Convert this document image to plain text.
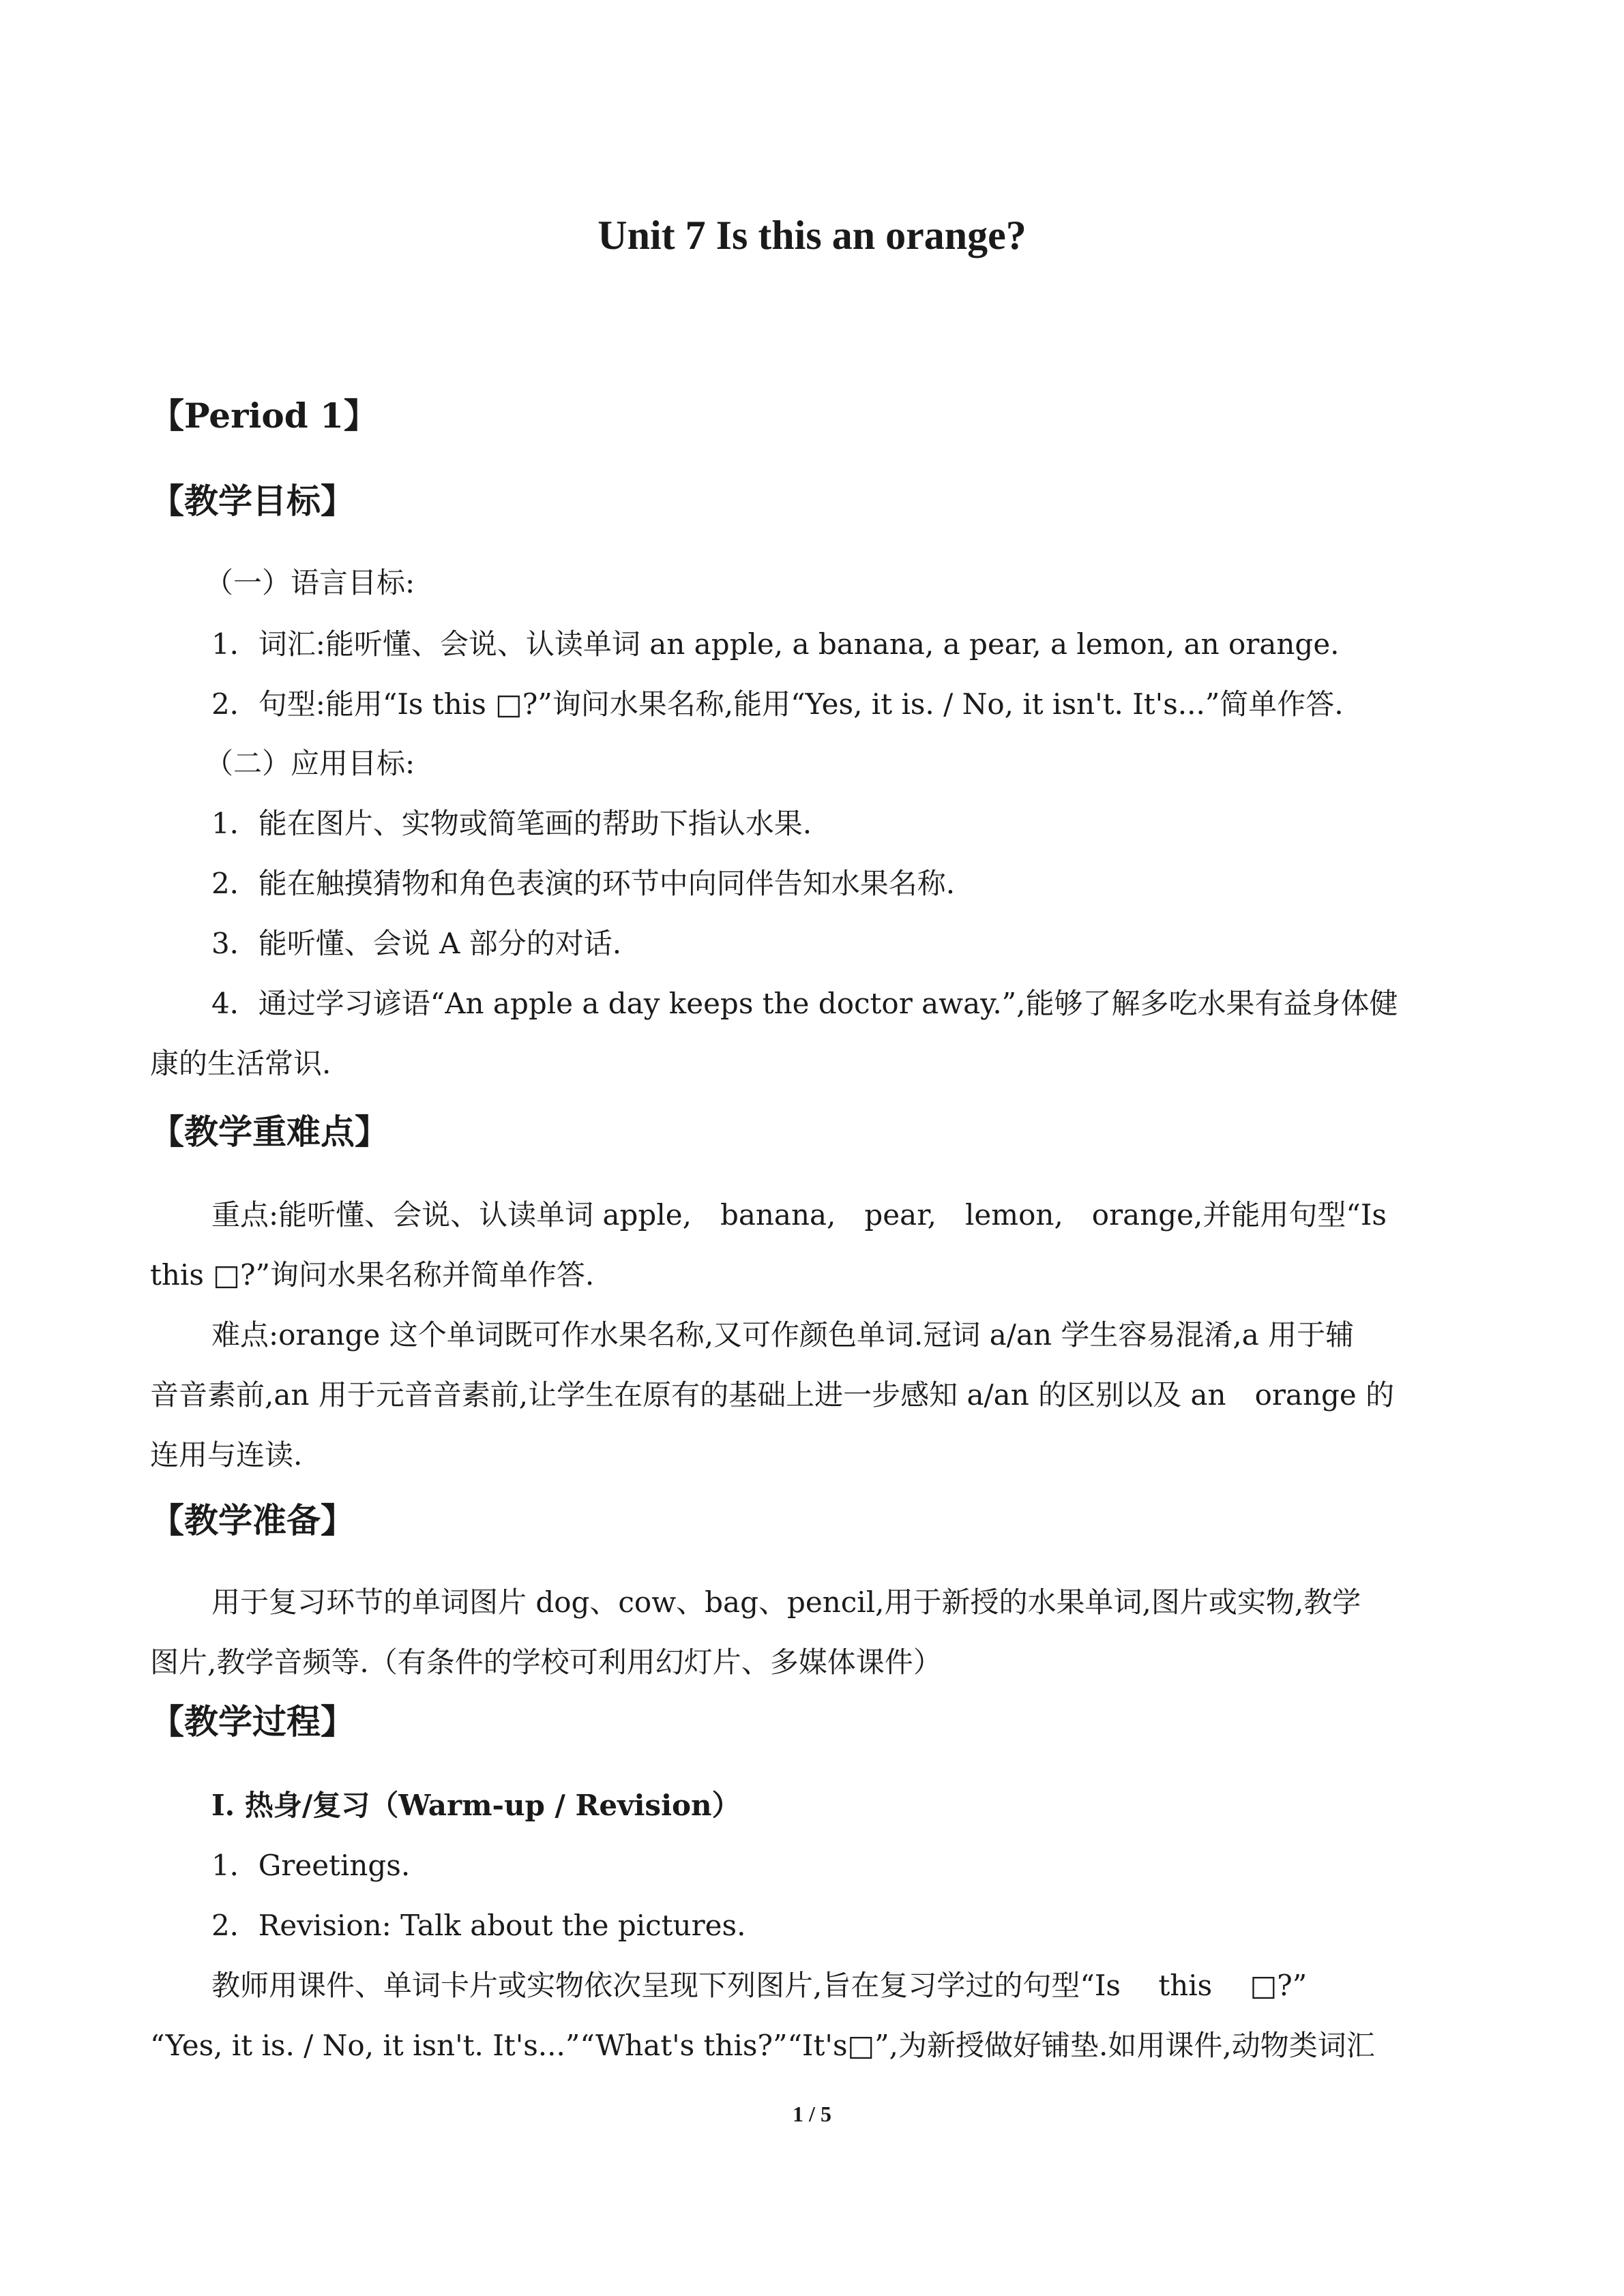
Unit 7 Is this an orange?

【Period 1】

【教学目标】

（一）语言目标:

1．词汇:能听懂、会说、认读单词 an apple, a banana, a pear, a lemon, an orange.

2．句型:能用“Is this □?”询问水果名称,能用“Yes, it is. / No, it isn't. It's...”简单作答.

（二）应用目标:

1．能在图片、实物或简笔画的帮助下指认水果.

2．能在触摸猜物和角色表演的环节中向同伴告知水果名称.

3．能听懂、会说 A 部分的对话.

4．通过学习谚语“An apple a day keeps the doctor away.”,能够了解多吃水果有益身体健

康的生活常识.

【教学重难点】

重点:能听懂、会说、认读单词 apple,　banana,　pear,　lemon,　orange,并能用句型“Is

this □?”询问水果名称并简单作答.

难点:orange 这个单词既可作水果名称,又可作颜色单词.冠词 a/an 学生容易混淆,a 用于辅

音音素前,an 用于元音音素前,让学生在原有的基础上进一步感知 a/an 的区别以及 an　orange 的

连用与连读.

【教学准备】

用于复习环节的单词图片 dog、cow、bag、pencil,用于新授的水果单词,图片或实物,教学

图片,教学音频等.（有条件的学校可利用幻灯片、多媒体课件）

【教学过程】

I. 热身/复习（Warm-up / Revision）

1．Greetings.

2．Revision: Talk about the pictures.

教师用课件、单词卡片或实物依次呈现下列图片,旨在复习学过的句型“Is　 this　 □?”

“Yes, it is. / No, it isn't. It's...”“What's this?”“It's□”,为新授做好铺垫.如用课件,动物类词汇

1 / 5
